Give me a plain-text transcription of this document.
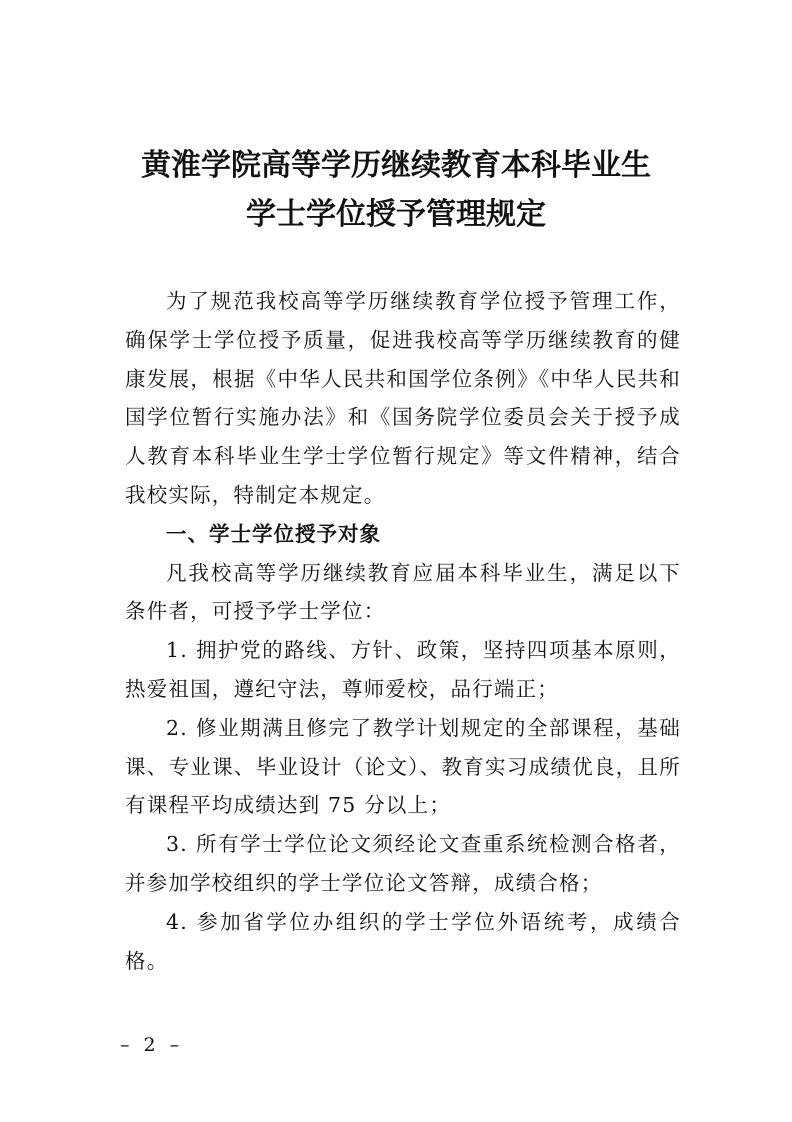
黄淮学院高等学历继续教育本科毕业生
学士学位授予管理规定

为了规范我校高等学历继续教育学位授予管理工作，确保学士学位授予质量，促进我校高等学历继续教育的健康发展，根据《中华人民共和国学位条例》《中华人民共和国学位暂行实施办法》和《国务院学位委员会关于授予成人教育本科毕业生学士学位暂行规定》等文件精神，结合我校实际，特制定本规定。

一、学士学位授予对象

凡我校高等学历继续教育应届本科毕业生，满足以下条件者，可授予学士学位：

1. 拥护党的路线、方针、政策，坚持四项基本原则，热爱祖国，遵纪守法，尊师爱校，品行端正；

2. 修业期满且修完了教学计划规定的全部课程，基础课、专业课、毕业设计（论文）、教育实习成绩优良，且所有课程平均成绩达到 75 分以上；

3. 所有学士学位论文须经论文查重系统检测合格者，并参加学校组织的学士学位论文答辩，成绩合格；

4. 参加省学位办组织的学士学位外语统考，成绩合格。

– 2 –
